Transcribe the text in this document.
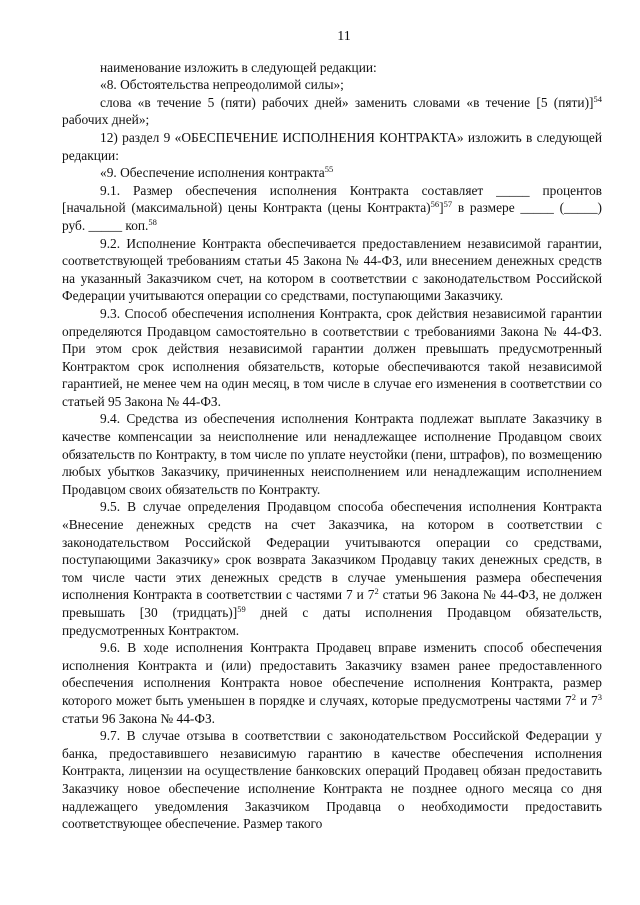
11

наименование изложить в следующей редакции:

«8. Обстоятельства непреодолимой силы»;

слова «в течение 5 (пяти) рабочих дней» заменить словами «в течение [5 (пяти)]$^{54}$ рабочих дней»;

12) раздел 9 «ОБЕСПЕЧЕНИЕ ИСПОЛНЕНИЯ КОНТРАКТА» изложить в следующей редакции:

«9. Обеспечение исполнения контракта$^{55}$

9.1. Размер обеспечения исполнения Контракта составляет _____ процентов [начальной (максимальной) цены Контракта (цены Контракта)$^{56}$]$^{57}$ в размере _____ (_____) руб. _____ коп.$^{58}$

9.2. Исполнение Контракта обеспечивается предоставлением независимой гарантии, соответствующей требованиям статьи 45 Закона № 44-ФЗ, или внесением денежных средств на указанный Заказчиком счет, на котором в соответствии с законодательством Российской Федерации учитываются операции со средствами, поступающими Заказчику.

9.3. Способ обеспечения исполнения Контракта, срок действия независимой гарантии определяются Продавцом самостоятельно в соответствии с требованиями Закона № 44-ФЗ. При этом срок действия независимой гарантии должен превышать предусмотренный Контрактом срок исполнения обязательств, которые обеспечиваются такой независимой гарантией, не менее чем на один месяц, в том числе в случае его изменения в соответствии со статьей 95 Закона № 44-ФЗ.

9.4. Средства из обеспечения исполнения Контракта подлежат выплате Заказчику в качестве компенсации за неисполнение или ненадлежащее исполнение Продавцом своих обязательств по Контракту, в том числе по уплате неустойки (пени, штрафов), по возмещению любых убытков Заказчику, причиненных неисполнением или ненадлежащим исполнением Продавцом своих обязательств по Контракту.

9.5. В случае определения Продавцом способа обеспечения исполнения Контракта «Внесение денежных средств на счет Заказчика, на котором в соответствии с законодательством Российской Федерации учитываются операции со средствами, поступающими Заказчику» срок возврата Заказчиком Продавцу таких денежных средств, в том числе части этих денежных средств в случае уменьшения размера обеспечения исполнения Контракта в соответствии с частями 7 и $7^2$ статьи 96 Закона № 44-ФЗ, не должен превышать [30 (тридцать)]$^{59}$ дней с даты исполнения Продавцом обязательств, предусмотренных Контрактом.

9.6. В ходе исполнения Контракта Продавец вправе изменить способ обеспечения исполнения Контракта и (или) предоставить Заказчику взамен ранее предоставленного обеспечения исполнения Контракта новое обеспечение исполнения Контракта, размер которого может быть уменьшен в порядке и случаях, которые предусмотрены частями $7^2$ и $7^3$ статьи 96 Закона № 44-ФЗ.

9.7. В случае отзыва в соответствии с законодательством Российской Федерации у банка, предоставившего независимую гарантию в качестве обеспечения исполнения Контракта, лицензии на осуществление банковских операций Продавец обязан предоставить Заказчику новое обеспечение исполнение Контракта не позднее одного месяца со дня надлежащего уведомления Заказчиком Продавца о необходимости предоставить соответствующее обеспечение. Размер такого
